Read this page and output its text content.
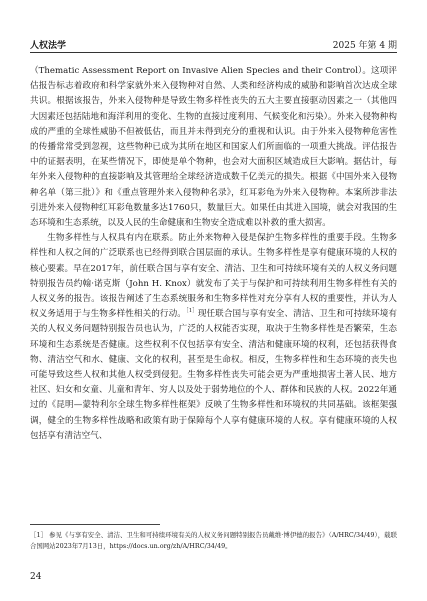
人权法学	2025 年第 4 期

（Thematic Assessment Report on Invasive Alien Species and their Control）。这项评估报告标志着政府和科学家就外来入侵物种对自然、人类和经济构成的威胁和影响首次达成全球共识。根据该报告，外来入侵物种是导致生物多样性丧失的五大主要直接驱动因素之一（其他四大因素还包括陆地和海洋利用的变化、生物的直接过度利用、气候变化和污染）。外来入侵物种构成的严重的全球性威胁不但被低估，而且并未得到充分的重视和认识。由于外来入侵物种危害性的传播常常受到忽视，这些物种已成为其所在地区和国家人们所面临的一项重大挑战。评估报告中的证据表明，在某些情况下，即使是单个物种，也会对大面积区域造成巨大影响。据估计，每年外来入侵物种的直接影响及其管理给全球经济造成数千亿美元的损失。根据《中国外来入侵物种名单（第三批）》和《重点管理外来入侵物种名录》，红耳彩龟为外来入侵物种。本案所涉非法引进外来入侵物种红耳彩龟数量多达1760只，数量巨大。如果任由其进入国境，就会对我国的生态环境和生态系统，以及人民的生命健康和生物安全造成难以补救的重大损害。

生物多样性与人权具有内在联系。防止外来物种入侵是保护生物多样性的重要手段。生物多样性和人权之间的广泛联系也已经得到联合国层面的承认。生物多样性是享有健康环境的人权的核心要素。早在2017年，前任联合国与享有安全、清洁、卫生和可持续环境有关的人权义务问题特别报告员约翰·诺克斯（John H. Knox）就发布了关于与保护和可持续利用生物多样性有关的人权义务的报告。该报告阐述了生态系统服务和生物多样性对充分享有人权的重要性，并认为人权义务适用于与生物多样性相关的行动。$^{[1]}$现任联合国与享有安全、清洁、卫生和可持续环境有关的人权义务问题特别报告员也认为，广泛的人权能否实现，取决于生物多样性是否繁荣，生态环境和生态系统是否健康。这些权利不仅包括享有安全、清洁和健康环境的权利，还包括获得食物、清洁空气和水、健康、文化的权利，甚至是生命权。相反，生物多样性和生态环境的丧失也可能导致这些人权和其他人权受到侵犯。生物多样性丧失可能会更为严重地损害土著人民、地方社区、妇女和女童、儿童和青年、穷人以及处于弱势地位的个人、群体和民族的人权。2022年通过的《昆明—蒙特利尔全球生物多样性框架》反映了生物多样性和环境权的共同基础。该框架强调，健全的生物多样性战略和政策有助于保障每个人享有健康环境的人权。享有健康环境的人权包括享有清洁空气、

［1］ 参见《与享有安全、清洁、卫生和可持续环境有关的人权义务问题特别报告员戴维·博伊德的报告》（A/HRC/34/49），载联合国网站2023年7月13日，https://docs.un.org/zh/A/HRC/34/49。
24
